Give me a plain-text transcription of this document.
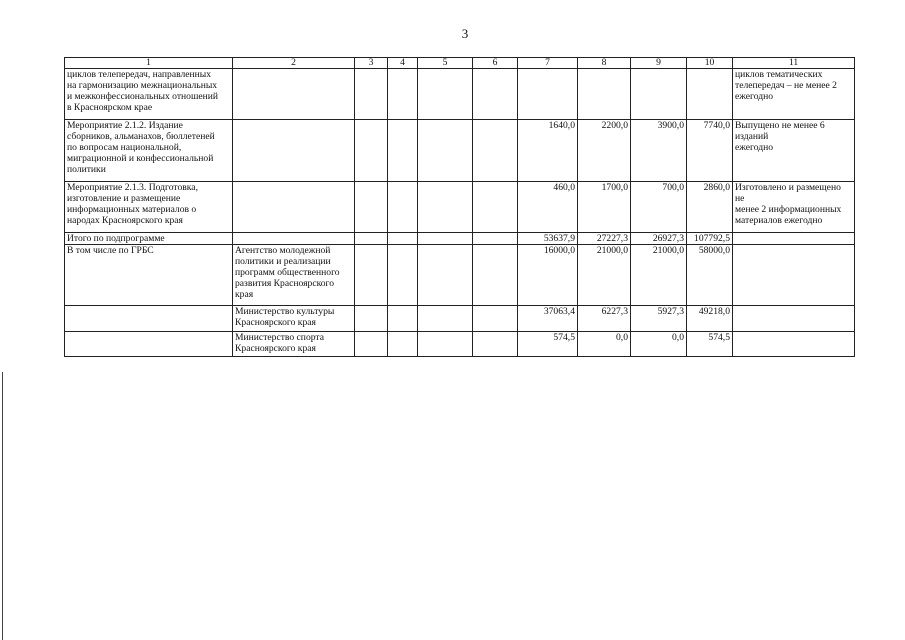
3
1	2	3	4	5	6	7	8	9	10	11
циклов телепередач, направленных
на гармонизацию межнациональных
и межконфессиональных отношений
в Красноярском крае										циклов тематических
телепередач – не менее 2
ежегодно
Мероприятие 2.1.2. Издание
сборников, альманахов, бюллетеней
по вопросам национальной,
миграционной и конфессиональной
политики						1640,0	2200,0	3900,0	7740,0	Выпущено не менее 6 изданий
ежегодно
Мероприятие 2.1.3. Подготовка,
изготовление и размещение
информационных материалов о
народах Красноярского края						460,0	1700,0	700,0	2860,0	Изготовлено и размещено не
менее 2 информационных
материалов ежегодно
Итого по подпрограмме						53637,9	27227,3	26927,3	107792,5	
В том числе по ГРБС	Агентство молодежной
политики и реализации
программ общественного
развития Красноярского
края					16000,0	21000,0	21000,0	58000,0	
	Министерство культуры
Красноярского края					37063,4	6227,3	5927,3	49218,0	
	Министерство спорта
Красноярского края					574,5	0,0	0,0	574,5	
